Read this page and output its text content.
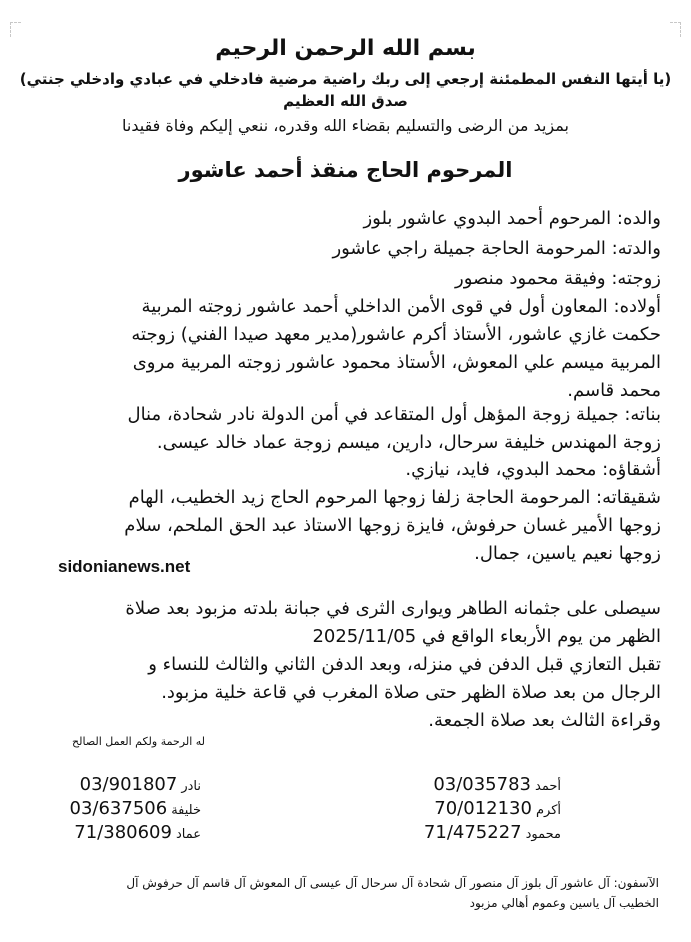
بسم الله الرحمن الرحيم
(يا أيتها النفس المطمئنة إرجعي إلى ربك راضية مرضية فادخلي في عبادي وادخلي جنتي)
صدق الله العظيم
بمزيد من الرضى والتسليم بقضاء الله وقدره، ننعي إليكم وفاة فقيدنا
المرحوم الحاج منقذ أحمد عاشور
والده: المرحوم أحمد البدوي عاشور بلوز
والدته: المرحومة الحاجة جميلة راجي عاشور
زوجته: وفيقة محمود منصور
أولاده: المعاون أول في قوى الأمن الداخلي أحمد عاشور زوجته المربية
حكمت غازي عاشور، الأستاذ أكرم عاشور(مدير معهد صيدا الفني) زوجته
المربية ميسم علي المعوش، الأستاذ محمود عاشور زوجته المربية مروى
محمد قاسم.
بناته: جميلة زوجة المؤهل أول المتقاعد في أمن الدولة نادر شحادة، منال
زوجة المهندس خليفة سرحال، دارين، ميسم زوجة عماد خالد عيسى.
أشقاؤه: محمد البدوي، فايد، نيازي.
شقيقاته: المرحومة الحاجة زلفا زوجها المرحوم الحاج زيد الخطيب، الهام
زوجها الأمير غسان حرفوش، فايزة زوجها الاستاذ عبد الحق الملحم، سلام
زوجها نعيم ياسين، جمال.
sidonianews.net
سيصلى على جثمانه الطاهر ويوارى الثرى في جبانة بلدته مزبود بعد صلاة
الظهر من يوم الأربعاء الواقع في 2025/11/05
تقبل التعازي قبل الدفن في منزله، وبعد الدفن الثاني والثالث للنساء و
الرجال من بعد صلاة الظهر حتى صلاة المغرب في قاعة خلية مزبود.
وقراءة الثالث بعد صلاة الجمعة.
له الرحمة ولكم العمل الصالح
أحمد
03/035783
أكرم
70/012130
محمود
71/475227
نادر
03/901807
خليفة
03/637506
عماد
71/380609
الآسفون: آل عاشور آل بلوز آل منصور آل شحادة آل سرحال آل عيسى آل المعوش آل قاسم آل حرفوش آل
الخطيب آل ياسين وعموم أهالي مزبود
